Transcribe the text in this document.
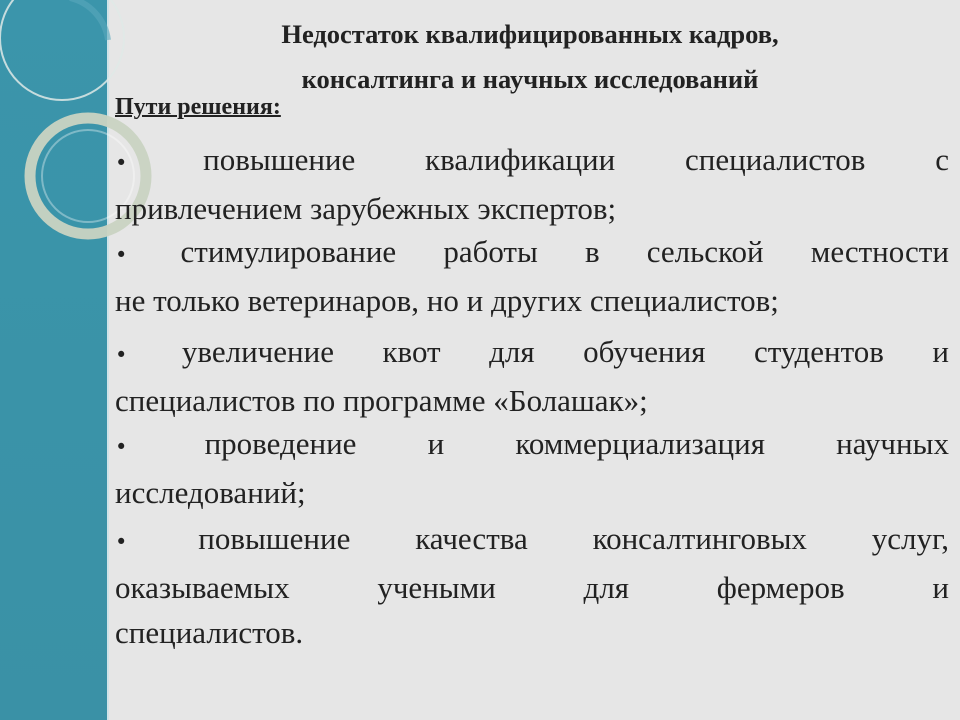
Недостаток квалифицированных кадров,
консалтинга и научных исследований
Пути решения:
• повышение квалификации специалистов с
привлечением зарубежных экспертов;
• стимулирование работы в сельской местности
не только ветеринаров, но и других специалистов;
• увеличение квот для обучения студентов и
специалистов по программе «Болашак»;
• проведение и коммерциализация научных
исследований;
• повышение качества консалтинговых услуг,
оказываемых	учеными	для	фермеров	и
специалистов.
